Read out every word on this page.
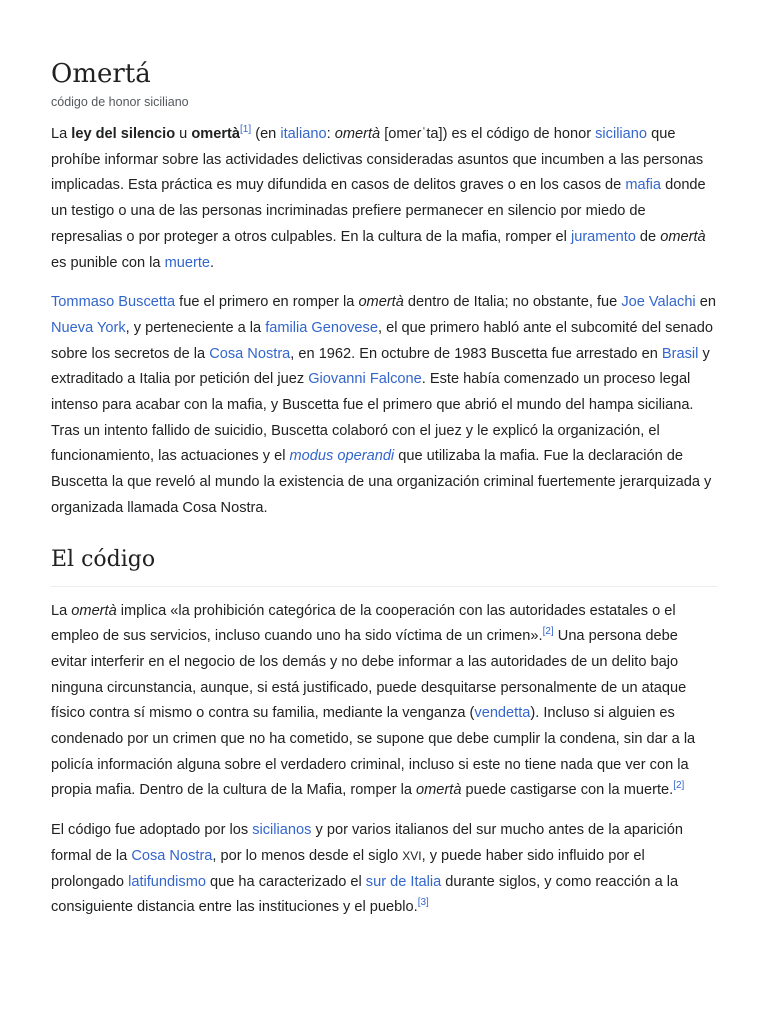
Omertá
código de honor siciliano

La ley del silencio u omertà[1] (en italiano: omertà [omeɾˈta]) es el código de honor siciliano que prohíbe informar sobre las actividades delictivas consideradas asuntos que incumben a las personas implicadas. Esta práctica es muy difundida en casos de delitos graves o en los casos de mafia donde un testigo o una de las personas incriminadas prefiere permanecer en silencio por miedo de represalias o por proteger a otros culpables. En la cultura de la mafia, romper el juramento de omertà es punible con la muerte.

Tommaso Buscetta fue el primero en romper la omertà dentro de Italia; no obstante, fue Joe Valachi en Nueva York, y perteneciente a la familia Genovese, el que primero habló ante el subcomité del senado sobre los secretos de la Cosa Nostra, en 1962. En octubre de 1983 Buscetta fue arrestado en Brasil y extraditado a Italia por petición del juez Giovanni Falcone. Este había comenzado un proceso legal intenso para acabar con la mafia, y Buscetta fue el primero que abrió el mundo del hampa siciliana. Tras un intento fallido de suicidio, Buscetta colaboró con el juez y le explicó la organización, el funcionamiento, las actuaciones y el modus operandi que utilizaba la mafia. Fue la declaración de Buscetta la que reveló al mundo la existencia de una organización criminal fuertemente jerarquizada y organizada llamada Cosa Nostra.

El código

La omertà implica «la prohibición categórica de la cooperación con las autoridades estatales o el empleo de sus servicios, incluso cuando uno ha sido víctima de un crimen».[2] Una persona debe evitar interferir en el negocio de los demás y no debe informar a las autoridades de un delito bajo ninguna circunstancia, aunque, si está justificado, puede desquitarse personalmente de un ataque físico contra sí mismo o contra su familia, mediante la venganza (vendetta). Incluso si alguien es condenado por un crimen que no ha cometido, se supone que debe cumplir la condena, sin dar a la policía información alguna sobre el verdadero criminal, incluso si este no tiene nada que ver con la propia mafia. Dentro de la cultura de la Mafia, romper la omertà puede castigarse con la muerte.[2]

El código fue adoptado por los sicilianos y por varios italianos del sur mucho antes de la aparición formal de la Cosa Nostra, por lo menos desde el siglo XVI, y puede haber sido influido por el prolongado latifundismo que ha caracterizado el sur de Italia durante siglos, y como reacción a la consiguiente distancia entre las instituciones y el pueblo.[3]
